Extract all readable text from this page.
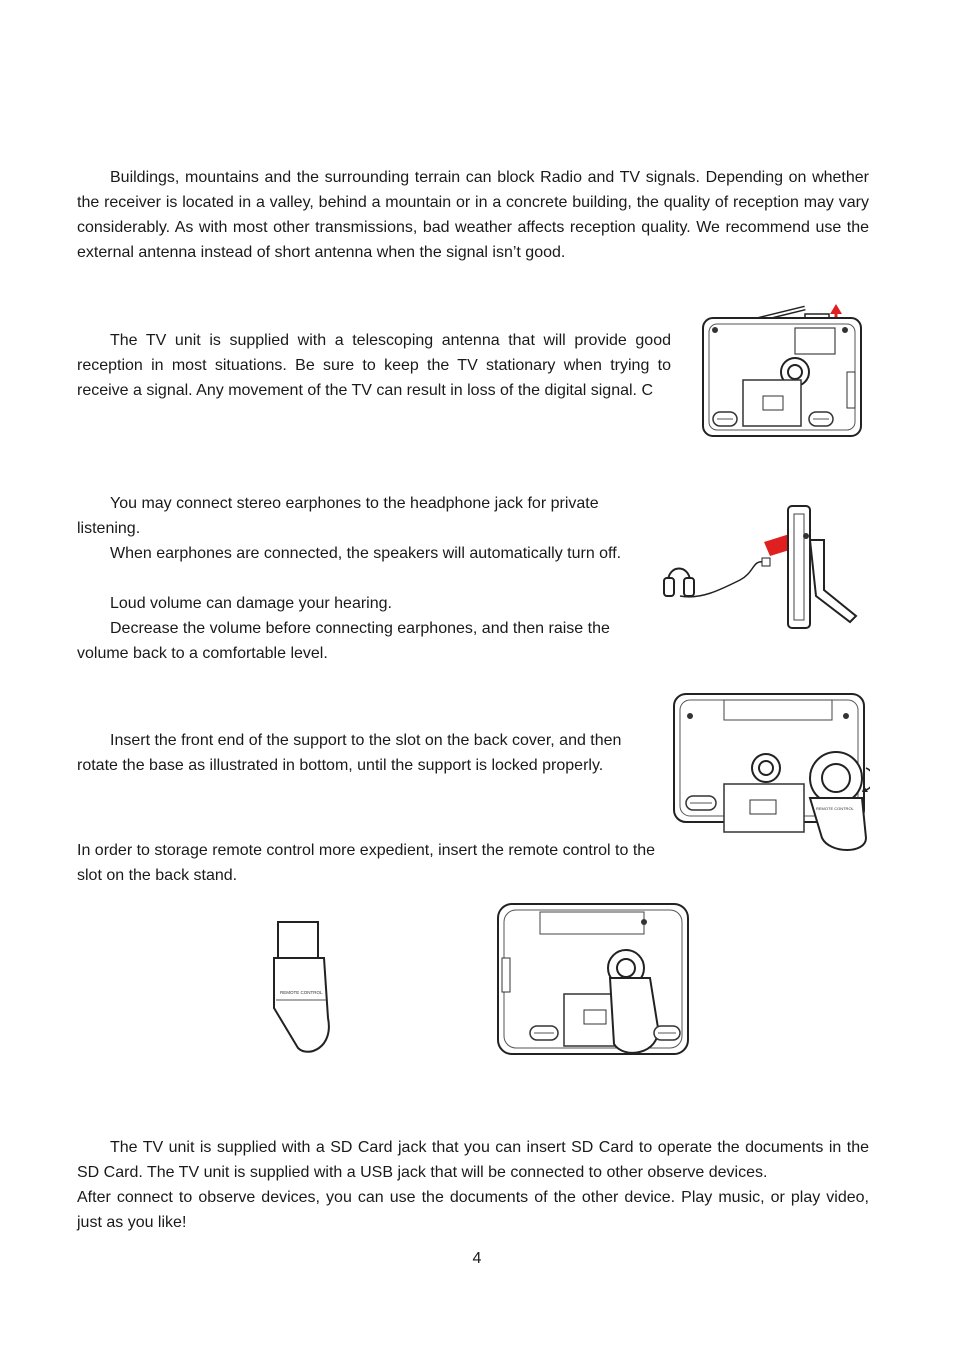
Buildings, mountains and the surrounding terrain can block Radio and TV signals. Depending on whether the receiver is located in a valley, behind a mountain or in a concrete building, the quality of reception may vary considerably. As with most other transmissions, bad weather affects reception quality. We recommend use the external antenna instead of short antenna when the signal isn’t good.

The TV unit is supplied with a telescoping antenna that will provide good reception in most situations. Be sure to keep the TV stationary when trying to receive a signal. Any movement of the TV can result in loss of the digital signal. C

You may connect stereo earphones to the headphone jack for private listening.
When earphones are connected, the speakers will automatically turn off.
Loud volume can damage your hearing.
Decrease the volume before connecting earphones, and then raise the volume back to a comfortable level.

Insert the front end of the support to the slot on the back cover, and then rotate the base as illustrated in bottom, until the support is locked properly.

In order to storage remote control more expedient, insert the remote control to the slot on the back stand.

REMOTE CONTROL
REMOTE CONTROL
The TV unit is supplied with a SD Card jack that you can insert SD Card to operate the documents in the SD Card. The TV unit is supplied with a USB jack that will be connected to other observe devices.
After connect to observe devices, you can use the documents of the other device. Play music, or play video, just as you like!
4
